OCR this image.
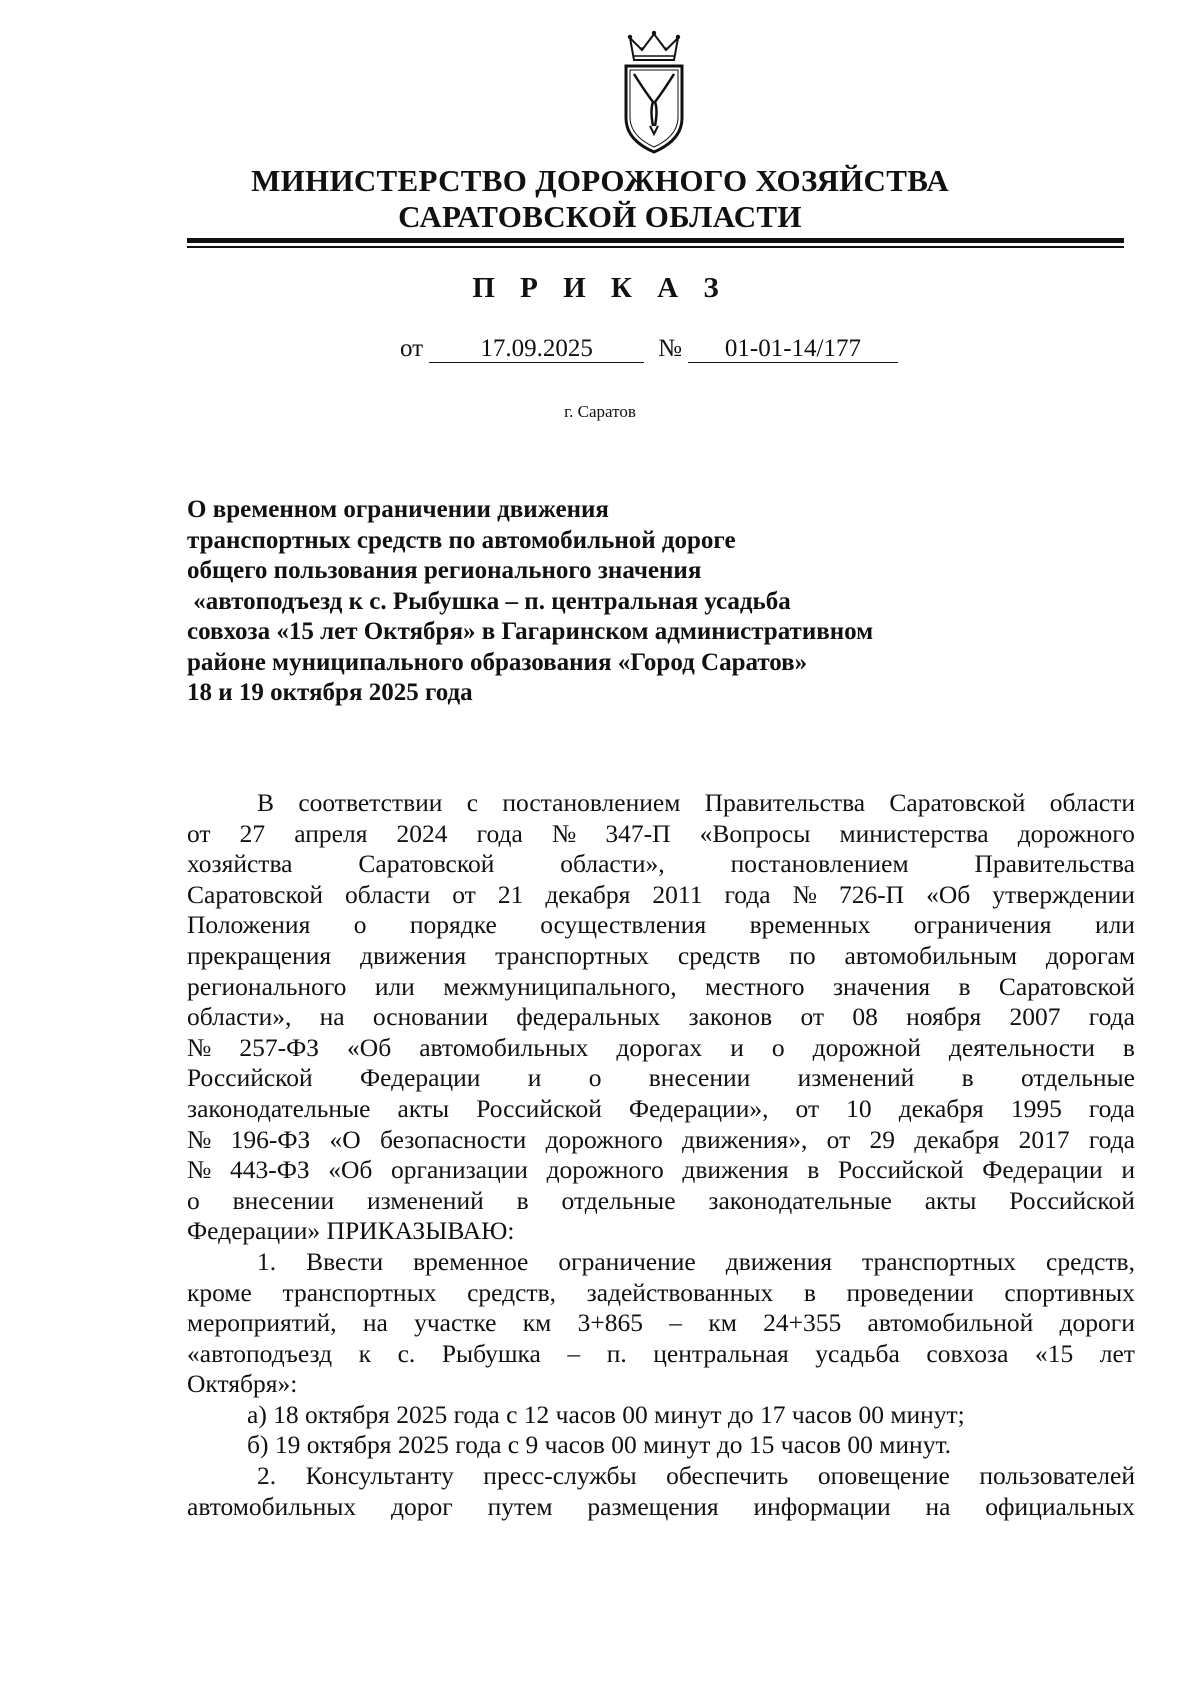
МИНИСТЕРСТВО ДОРОЖНОГО ХОЗЯЙСТВА
САРАТОВСКОЙ ОБЛАСТИ
П Р И К А З
от 17.09.2025	№ 01-01-14/177
г. Саратов
О временном ограничении движения
транспортных средств по автомобильной дороге
общего пользования регионального значения
«автоподъезд к с. Рыбушка – п. центральная усадьба
совхоза «15 лет Октября» в Гагаринском административном
районе муниципального образования «Город Саратов»
18 и 19 октября 2025 года
В соответствии с постановлением Правительства Саратовской области
от 27 апреля 2024 года № 347-П «Вопросы министерства дорожного
хозяйства	Саратовской	области»,	постановлением	Правительства
Саратовской области от 21 декабря 2011 года № 726-П «Об утверждении
Положения о порядке осуществления временных ограничения или
прекращения движения транспортных средств по автомобильным дорогам
регионального или межмуниципального, местного значения в Саратовской
области», на основании федеральных законов от 08 ноября 2007 года
№ 257-ФЗ «Об автомобильных дорогах и о дорожной деятельности в
Российской Федерации и о внесении изменений в отдельные
законодательные акты Российской Федерации», от 10 декабря 1995 года
№ 196-ФЗ «О безопасности дорожного движения», от 29 декабря 2017 года
№ 443-ФЗ «Об организации дорожного движения в Российской Федерации и
о внесении изменений в отдельные законодательные акты Российской
Федерации» ПРИКАЗЫВАЮ:
1. Ввести временное ограничение движения транспортных средств,
кроме транспортных средств, задействованных в проведении спортивных
мероприятий, на участке км 3+865 – км 24+355 автомобильной дороги
«автоподъезд к с. Рыбушка – п. центральная усадьба совхоза «15 лет
Октября»:
а) 18 октября 2025 года с 12 часов 00 минут до 17 часов 00 минут;
б) 19 октября 2025 года с 9 часов 00 минут до 15 часов 00 минут.
2. Консультанту пресс-службы обеспечить оповещение пользователей
автомобильных дорог путем размещения информации на официальных
